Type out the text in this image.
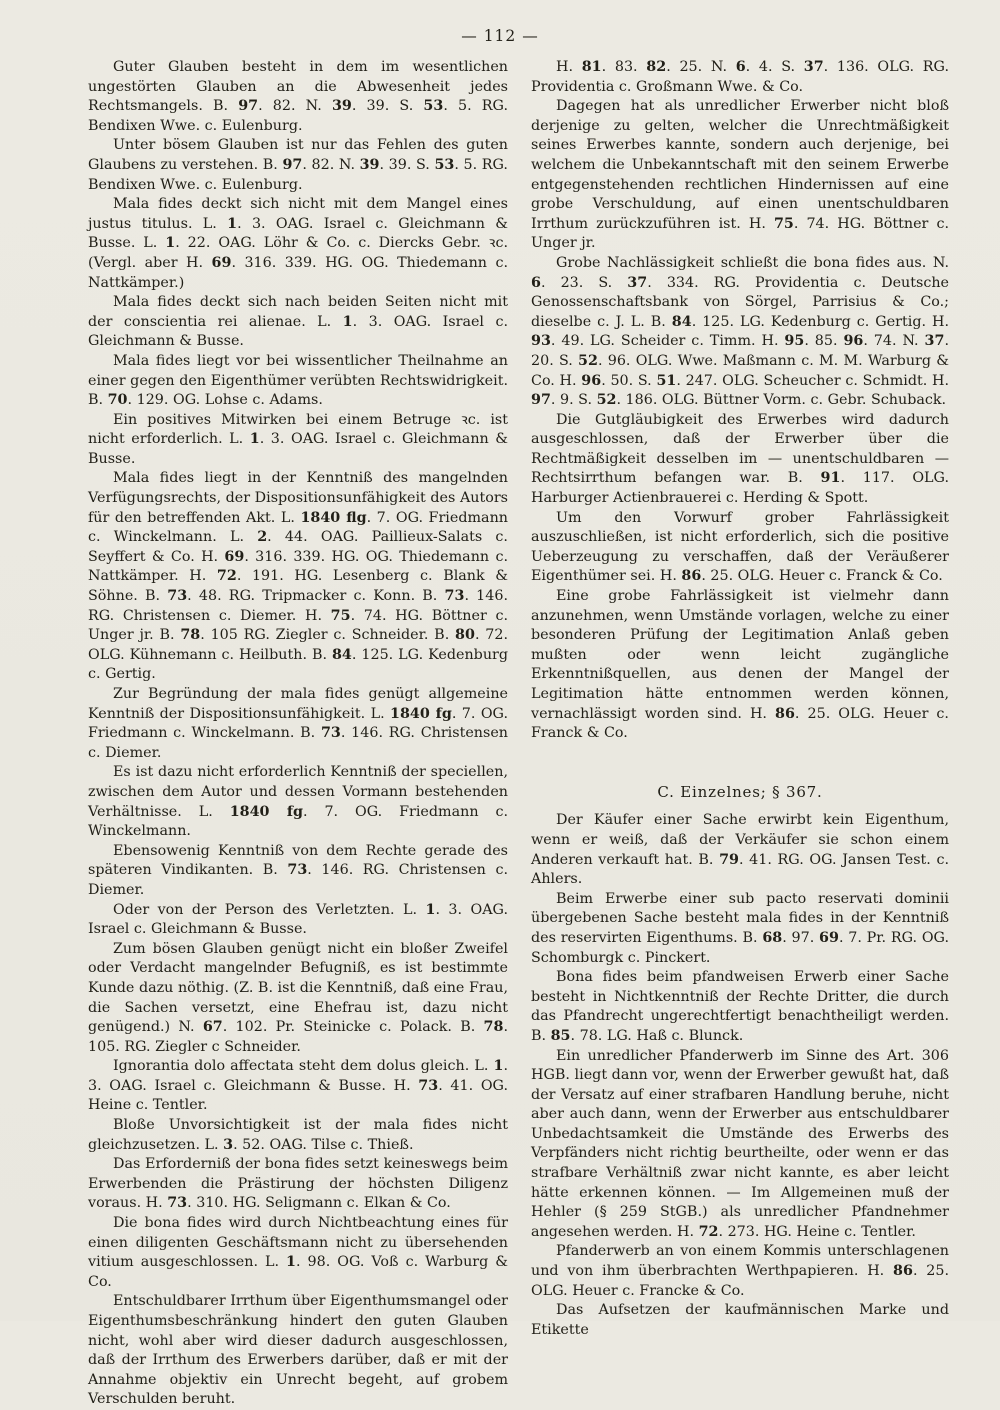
— 112 —

Guter Glauben besteht in dem im wesentlichen ungestörten Glauben an die Abwesenheit jedes Rechtsmangels. B. 97. 82. N. 39. 39. S. 53. 5. RG. Bendixen Wwe. c. Eulenburg.

Unter bösem Glauben ist nur das Fehlen des guten Glaubens zu verstehen. B. 97. 82. N. 39. 39. S. 53. 5. RG. Bendixen Wwe. c. Eulenburg.

Mala fides deckt sich nicht mit dem Mangel eines justus titulus. L. 1. 3. OAG. Israel c. Gleichmann & Busse. L. 1. 22. OAG. Löhr & Co. c. Diercks Gebr. ꝛc. (Vergl. aber H. 69. 316. 339. HG. OG. Thiedemann c. Nattkämper.)

Mala fides deckt sich nach beiden Seiten nicht mit der conscientia rei alienae. L. 1. 3. OAG. Israel c. Gleichmann & Busse.

Mala fides liegt vor bei wissentlicher Theilnahme an einer gegen den Eigenthümer verübten Rechtswidrigkeit. B. 70. 129. OG. Lohse c. Adams.

Ein positives Mitwirken bei einem Betruge ꝛc. ist nicht erforderlich. L. 1. 3. OAG. Israel c. Gleichmann & Busse.

Mala fides liegt in der Kenntniß des mangelnden Verfügungsrechts, der Dispositionsunfähigkeit des Autors für den betreffenden Akt. L. 1840 flg. 7. OG. Friedmann c. Winckelmann. L. 2. 44. OAG. Paillieux-Salats c. Seyffert & Co. H. 69. 316. 339. HG. OG. Thiedemann c. Nattkämper. H. 72. 191. HG. Lesenberg c. Blank & Söhne. B. 73. 48. RG. Tripmacker c. Konn. B. 73. 146. RG. Christensen c. Diemer. H. 75. 74. HG. Böttner c. Unger jr. B. 78. 105 RG. Ziegler c. Schneider. B. 80. 72. OLG. Kühnemann c. Heilbuth. B. 84. 125. LG. Kedenburg c. Gertig.

Zur Begründung der mala fides genügt allgemeine Kenntniß der Dispositionsunfähigkeit. L. 1840 fg. 7. OG. Friedmann c. Winckelmann. B. 73. 146. RG. Christensen c. Diemer.

Es ist dazu nicht erforderlich Kenntniß der speciellen, zwischen dem Autor und dessen Vormann bestehenden Verhältnisse. L. 1840 fg. 7. OG. Friedmann c. Winckelmann.

Ebensowenig Kenntniß von dem Rechte gerade des späteren Vindikanten. B. 73. 146. RG. Christensen c. Diemer.

Oder von der Person des Verletzten. L. 1. 3. OAG. Israel c. Gleichmann & Busse.

Zum bösen Glauben genügt nicht ein bloßer Zweifel oder Verdacht mangelnder Befugniß, es ist bestimmte Kunde dazu nöthig. (Z. B. ist die Kenntniß, daß eine Frau, die Sachen versetzt, eine Ehefrau ist, dazu nicht genügend.) N. 67. 102. Pr. Steinicke c. Polack. B. 78. 105. RG. Ziegler c Schneider.

Ignorantia dolo affectata steht dem dolus gleich. L. 1. 3. OAG. Israel c. Gleichmann & Busse. H. 73. 41. OG. Heine c. Tentler.

Bloße Unvorsichtigkeit ist der mala fides nicht gleichzusetzen. L. 3. 52. OAG. Tilse c. Thieß.

Das Erforderniß der bona fides setzt keineswegs beim Erwerbenden die Prästirung der höchsten Diligenz voraus. H. 73. 310. HG. Seligmann c. Elkan & Co.

Die bona fides wird durch Nichtbeachtung eines für einen diligenten Geschäftsmann nicht zu übersehenden vitium ausgeschlossen. L. 1. 98. OG. Voß c. Warburg & Co.

Entschuldbarer Irrthum über Eigenthumsmangel oder Eigenthumsbeschränkung hindert den guten Glauben nicht, wohl aber wird dieser dadurch ausgeschlossen, daß der Irrthum des Erwerbers darüber, daß er mit der Annahme objektiv ein Unrecht begeht, auf grobem Verschulden beruht.

H. 81. 83. 82. 25. N. 6. 4. S. 37. 136. OLG. RG. Providentia c. Großmann Wwe. & Co.

Dagegen hat als unredlicher Erwerber nicht bloß derjenige zu gelten, welcher die Unrechtmäßigkeit seines Erwerbes kannte, sondern auch derjenige, bei welchem die Unbekanntschaft mit den seinem Erwerbe entgegenstehenden rechtlichen Hindernissen auf eine grobe Verschuldung, auf einen unentschuldbaren Irrthum zurückzuführen ist. H. 75. 74. HG. Böttner c. Unger jr.

Grobe Nachlässigkeit schließt die bona fides aus. N. 6. 23. S. 37. 334. RG. Providentia c. Deutsche Genossenschaftsbank von Sörgel, Parrisius & Co.; dieselbe c. J. L. B. 84. 125. LG. Kedenburg c. Gertig. H. 93. 49. LG. Scheider c. Timm. H. 95. 85. 96. 74. N. 37. 20. S. 52. 96. OLG. Wwe. Maßmann c. M. M. Warburg & Co. H. 96. 50. S. 51. 247. OLG. Scheucher c. Schmidt. H. 97. 9. S. 52. 186. OLG. Büttner Vorm. c. Gebr. Schuback.

Die Gutgläubigkeit des Erwerbes wird dadurch ausgeschlossen, daß der Erwerber über die Rechtmäßigkeit desselben im — unentschuldbaren — Rechtsirrthum befangen war. B. 91. 117. OLG. Harburger Actienbrauerei c. Herding & Spott.

Um den Vorwurf grober Fahrlässigkeit auszuschließen, ist nicht erforderlich, sich die positive Ueberzeugung zu verschaffen, daß der Veräußerer Eigenthümer sei. H. 86. 25. OLG. Heuer c. Franck & Co.

Eine grobe Fahrlässigkeit ist vielmehr dann anzunehmen, wenn Umstände vorlagen, welche zu einer besonderen Prüfung der Legitimation Anlaß geben mußten oder wenn leicht zugängliche Erkenntnißquellen, aus denen der Mangel der Legitimation hätte entnommen werden können, vernachlässigt worden sind. H. 86. 25. OLG. Heuer c. Franck & Co.

C. Einzelnes; § 367.

Der Käufer einer Sache erwirbt kein Eigenthum, wenn er weiß, daß der Verkäufer sie schon einem Anderen verkauft hat. B. 79. 41. RG. OG. Jansen Test. c. Ahlers.

Beim Erwerbe einer sub pacto reservati dominii übergebenen Sache besteht mala fides in der Kenntniß des reservirten Eigenthums. B. 68. 97. 69. 7. Pr. RG. OG. Schomburgk c. Pinckert.

Bona fides beim pfandweisen Erwerb einer Sache besteht in Nichtkenntniß der Rechte Dritter, die durch das Pfandrecht ungerechtfertigt benachtheiligt werden. B. 85. 78. LG. Haß c. Blunck.

Ein unredlicher Pfanderwerb im Sinne des Art. 306 HGB. liegt dann vor, wenn der Erwerber gewußt hat, daß der Versatz auf einer strafbaren Handlung beruhe, nicht aber auch dann, wenn der Erwerber aus entschuldbarer Unbedachtsamkeit die Umstände des Erwerbs des Verpfänders nicht richtig beurtheilte, oder wenn er das strafbare Verhältniß zwar nicht kannte, es aber leicht hätte erkennen können. — Im Allgemeinen muß der Hehler (§ 259 StGB.) als unredlicher Pfandnehmer angesehen werden. H. 72. 273. HG. Heine c. Tentler.

Pfanderwerb an von einem Kommis unterschlagenen und von ihm überbrachten Werthpapieren. H. 86. 25. OLG. Heuer c. Francke & Co.

Das Aufsetzen der kaufmännischen Marke und Etikette
